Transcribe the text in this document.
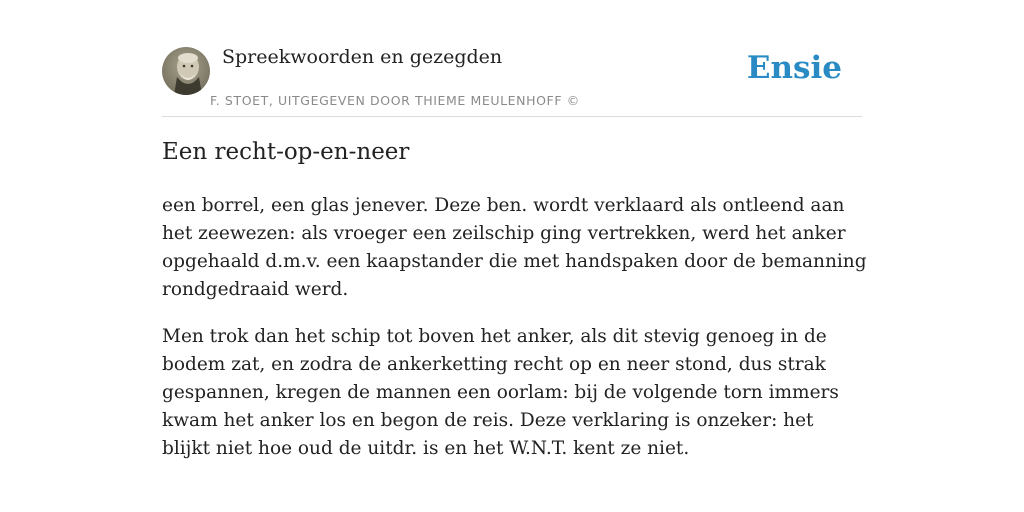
Spreekwoorden en gezegden
F. STOET, UITGEGEVEN DOOR THIEME MEULENHOFF ©
Ensie
Een recht-op-en-neer

een borrel, een glas jenever. Deze ben. wordt verklaard als ontleend aan het zeewezen: als vroeger een zeilschip ging vertrekken, werd het anker opgehaald d.m.v. een kaapstander die met handspaken door de bemanning rondgedraaid werd.

Men trok dan het schip tot boven het anker, als dit stevig genoeg in de bodem zat, en zodra de ankerketting recht op en neer stond, dus strak gespannen, kregen de mannen een oorlam: bij de volgende torn immers kwam het anker los en begon de reis. Deze verklaring is onzeker: het blijkt niet hoe oud de uitdr. is en het W.N.T. kent ze niet.
